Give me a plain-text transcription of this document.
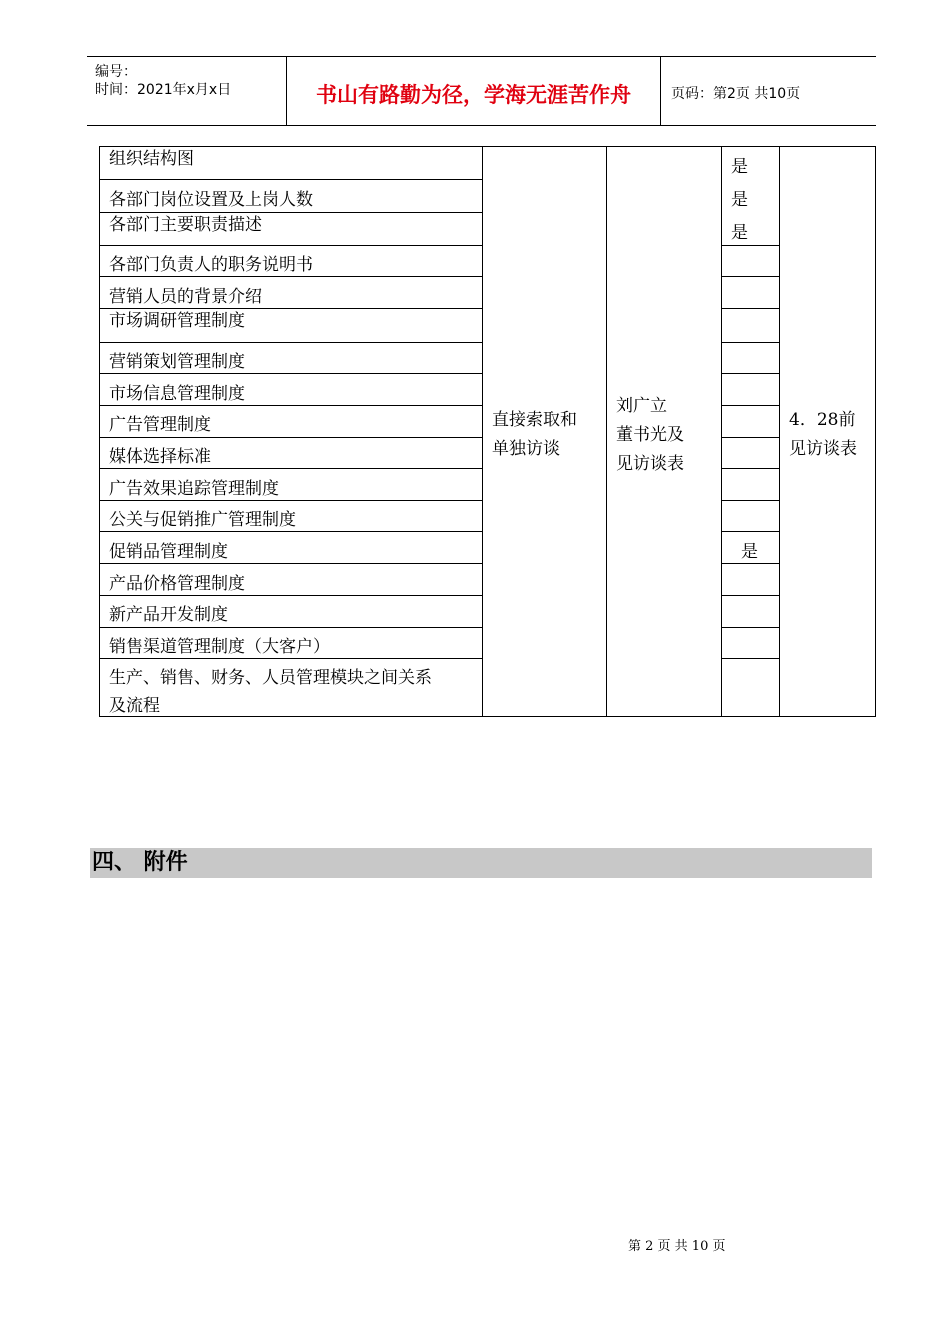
编号：
时间：2021年x月x日	书山有路勤为径，学海无涯苦作舟	页码：第2页 共10页
组织结构图
各部门岗位设置及上岗人数
各部门主要职责描述
各部门负责人的职务说明书
营销人员的背景介绍
市场调研管理制度
营销策划管理制度
市场信息管理制度
广告管理制度
媒体选择标准
广告效果追踪管理制度
公关与促销推广管理制度
促销品管理制度
产品价格管理制度
新产品开发制度
销售渠道管理制度（大客户）
生产、销售、财务、人员管理模块之间关系
及流程
直接索取和
单独访谈
刘广立
董书光及
见访谈表
4．28前
见访谈表
是
是
是
是
四、 附件
第 2 页 共 10 页
